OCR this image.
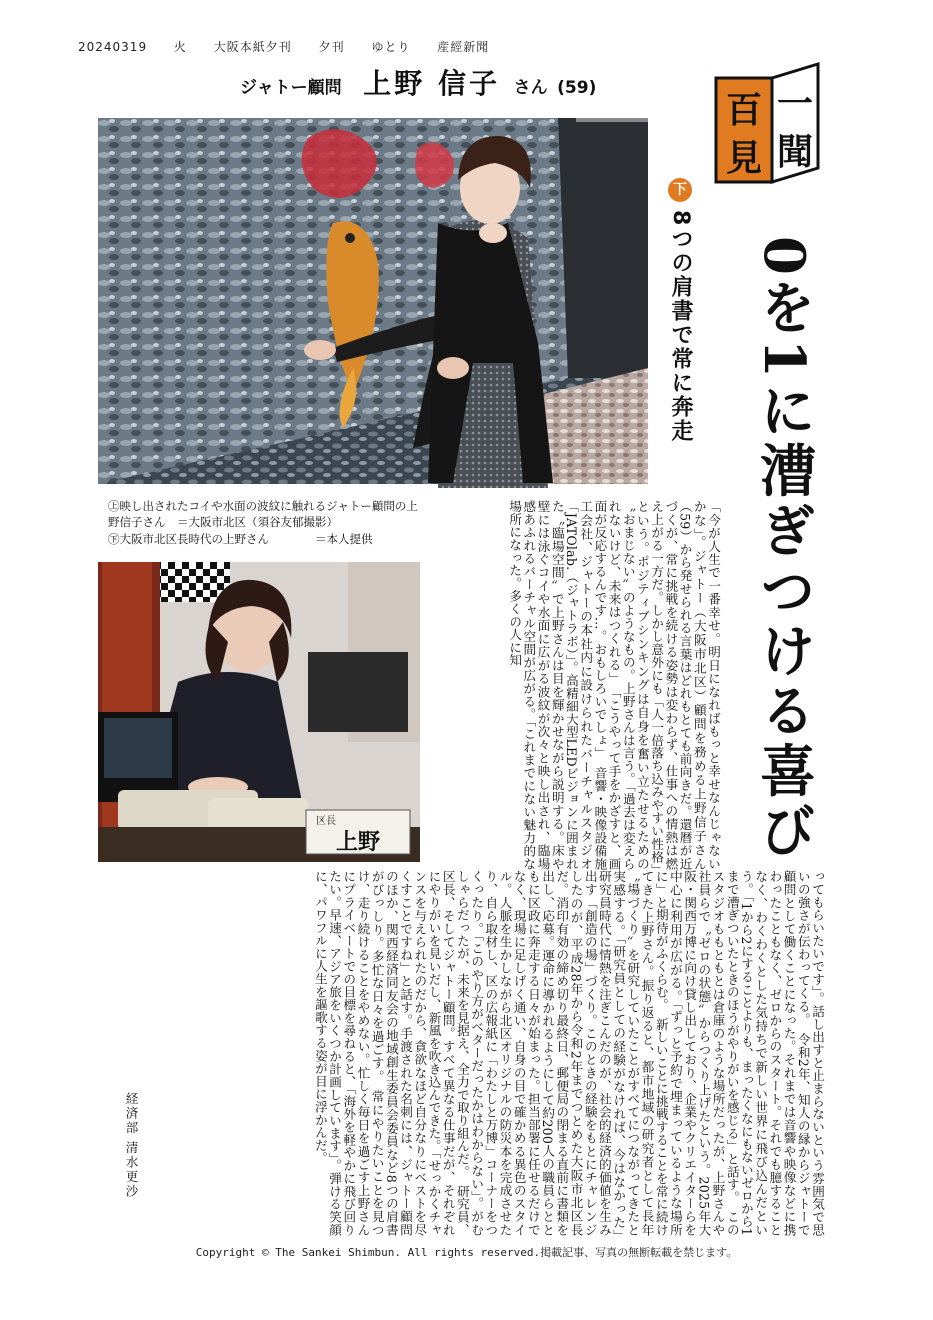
20240319 火 大阪本紙夕刊 夕刊 ゆとり 産經新聞
ジャトー顧問 上野 信子 さん (59)
百
見
一
聞
下
8つの肩書で常に奔走 0を1に漕ぎつける喜び
㊤映し出されたコイや水面の波紋に触れるジャトー顧問の上野信子さん　＝大阪市北区（須谷友郁撮影）
㊦大阪市北区長時代の上野さん　　　　＝本人提供
区長
上野	「今が人生で一番幸せ。明日になればもっと幸せなんじゃないかな」。ジャトー（大阪市北区）顧問を務める上野信子さん（59）から発せられる言葉はどれもとても前向きだ。還暦が近づくが、常に挑戦を続ける姿勢は変わらず、仕事への情熱は燃え上がる一方だ。しかし意外にも「人一倍落ち込みやすい性格」という。ポジティブシンキングは自身を奮い立たせるための〝おまじない〟のようなもの。上野さんは言う。「過去は変えられないけど、未来はつくれる」　「こうやって手をかざすと、画面が反応するんです…。おもしろいでしょ」　音響・映像設備施工会社、ジャトーの本社内に設けられたバーチャルスタジオ「JATOlab.（ジャトラボ）」。高精細大型LEDビジョンに囲まれた〝臨場空間〟で上野さんは目を輝かせながら説明する。床や壁には泳ぐコイや水面に広がる波紋が次々と映し出され、臨場感あふれるバーチャル空間が広がる。「これまでにない魅力的な場所になった。多くの人に知
ってもらいたいです」。話し出すと止まらないという雰囲気で思いの強さが伝わってくる。　令和2年、知人の縁からジャトーで顧問として働くことになった。それまでは音響や映像などに携わったこともなく、ゼロからのスタート。それでも臆することなく、わくわくとした気持ちで新しい世界に飛び込んだという。「1から2にすることよりも、まったくなにもないゼロから1まで漕ぎついたときのほうがやりがいを感じる」と話す。　このスタジオももともとは倉庫のような場所だったが、上野さんや社員らで〝ゼロの状態〟からつくり上げたという。2025年大阪・関西万博に向け貸し出しており、企業やクリエイターらを中心に利用が広がる。「ずっと予約で埋まっているような場所に」と期待がふくらむ。　新しいことに挑戦することを常に続けてきた上野さん。振り返ると、都市地域の研究者として長年〝場づくり〟を研究していたことがすべてにつながってきたと実感する。「研究員としての経験がなければ、今はなかった」　研究員時代に情熱を注ぎこんだのが、社会的経済的価値を生み出す「創造の場」づくり。このときの経験をもとにチャレンジしたのが、平成28年から令和2年までつとめた大阪市北区長だ。消印有効の締め切り最終日、郵便局の閉まる直前に書類を出し、応募。運命に導かれるようにして約200人の職員らとともに区政に奔走する日々が始まった。担当部署に任せるだけでなく、現場に足しげく通い、自身の目で確かめる異色のスタイル。人脈を生かしながら北区オリジナルの防災本を完成させたり、自ら取材し、区の広報紙に「わたしと万博」コーナーをつくったり。「このやり方がベターだったかはわからない」。がむしゃらだったが、未来を見据え、全力で取り組んだ。　研究員、区長、そしてジャトー顧問。すべて異なる仕事だが、それぞれにやりがいを見いだし、新風を吹き込んできた。「せっかくチャンスを与えられたのだから、貪欲なほど自分なりにベストを尽くすことですね」と話す。手渡された名刺には、ジャトー顧問のほか、関西経済同友会の地域創生委員会委員など8つの肩書がびっしり。多忙な日々を過ごす。　常にやりたいことを見つけ、走り続けることをやめない。忙しく毎日を過ごす上野さんにプライベートでの目標を尋ねると、「海外を軽やかに飛び回りたい。早速、アジア旅をいくつか計画しています」。弾ける笑顔に、パワフルに人生を謳歌する姿が目に浮かんだ。
経済部 清水更沙
Copyright © The Sankei Shimbun. All rights reserved.掲載記事、写真の無断転載を禁じます。
